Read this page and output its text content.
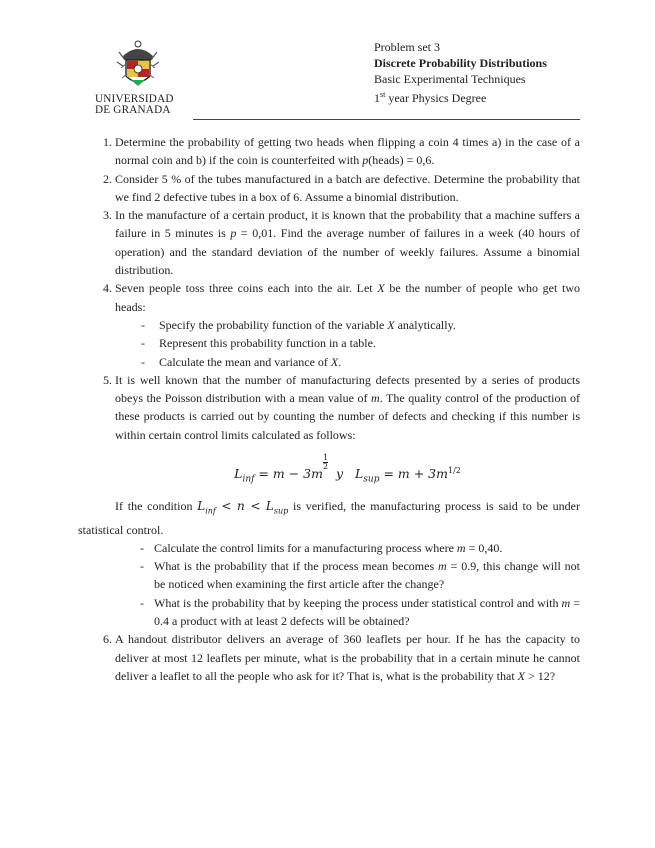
UNIVERSIDAD
DE GRANADA
Problem set 3
Discrete Probability Distributions
Basic Experimental Techniques
1st year Physics Degree
1. Determine the probability of getting two heads when flipping a coin 4 times a) in the case of a normal coin and b) if the coin is counterfeited with p(heads) = 0,6.
2. Consider 5 % of the tubes manufactured in a batch are defective. Determine the probability that we find 2 defective tubes in a box of 6. Assume a binomial distribution.
3. In the manufacture of a certain product, it is known that the probability that a machine suffers a failure in 5 minutes is p = 0,01. Find the average number of failures in a week (40 hours of operation) and the standard deviation of the number of weekly failures. Assume a binomial distribution.
4. Seven people toss three coins each into the air. Let X be the number of people who get two heads:
- Specify the probability function of the variable X analytically.
- Represent this probability function in a table.
- Calculate the mean and variance of X.
5. It is well known that the number of manufacturing defects presented by a series of products obeys the Poisson distribution with a mean value of m. The quality control of the production of these products is carried out by counting the number of defects and checking if this number is within certain control limits calculated as follows:
$L_{inf} = m - 3m$
$^{\frac{1}{2}}$
y $L_{sup} = m + 3m^{1/2}$

If the condition $L_{inf} < n < L_{sup}$ is verified, the manufacturing process is said to be under statistical control.

- Calculate the control limits for a manufacturing process where m = 0,40.
- What is the probability that if the process mean becomes m = 0.9, this change will not be noticed when examining the first article after the change?
- What is the probability that by keeping the process under statistical control and with m = 0.4 a product with at least 2 defects will be obtained?
6. A handout distributor delivers an average of 360 leaflets per hour. If he has the capacity to deliver at most 12 leaflets per minute, what is the probability that in a certain minute he cannot deliver a leaflet to all the people who ask for it? That is, what is the probability that X > 12?
